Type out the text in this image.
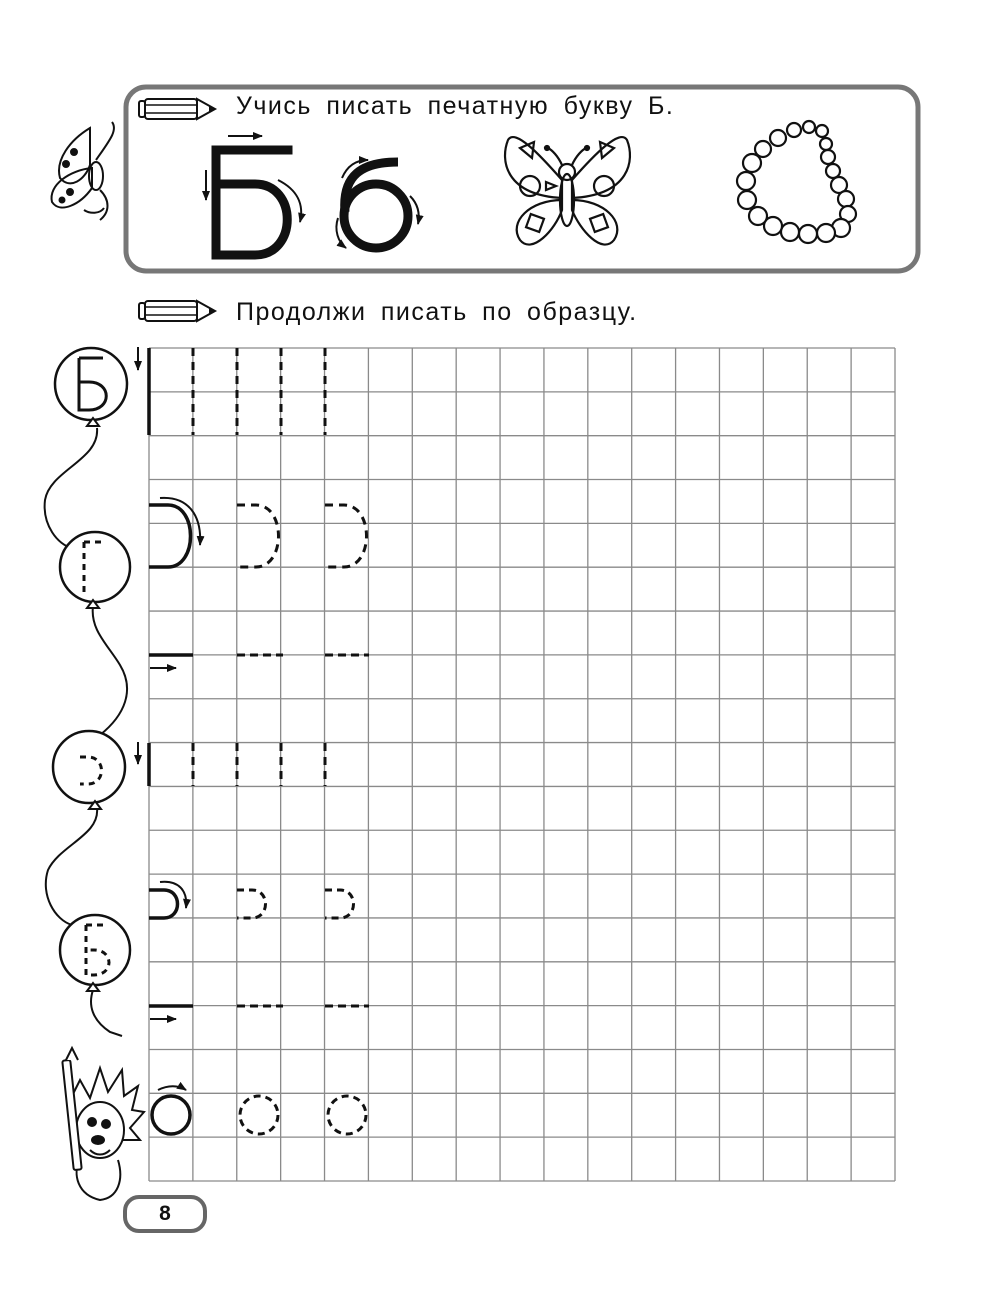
Учись писать печатную букву Б.
Продолжи писать по образцу.
8
